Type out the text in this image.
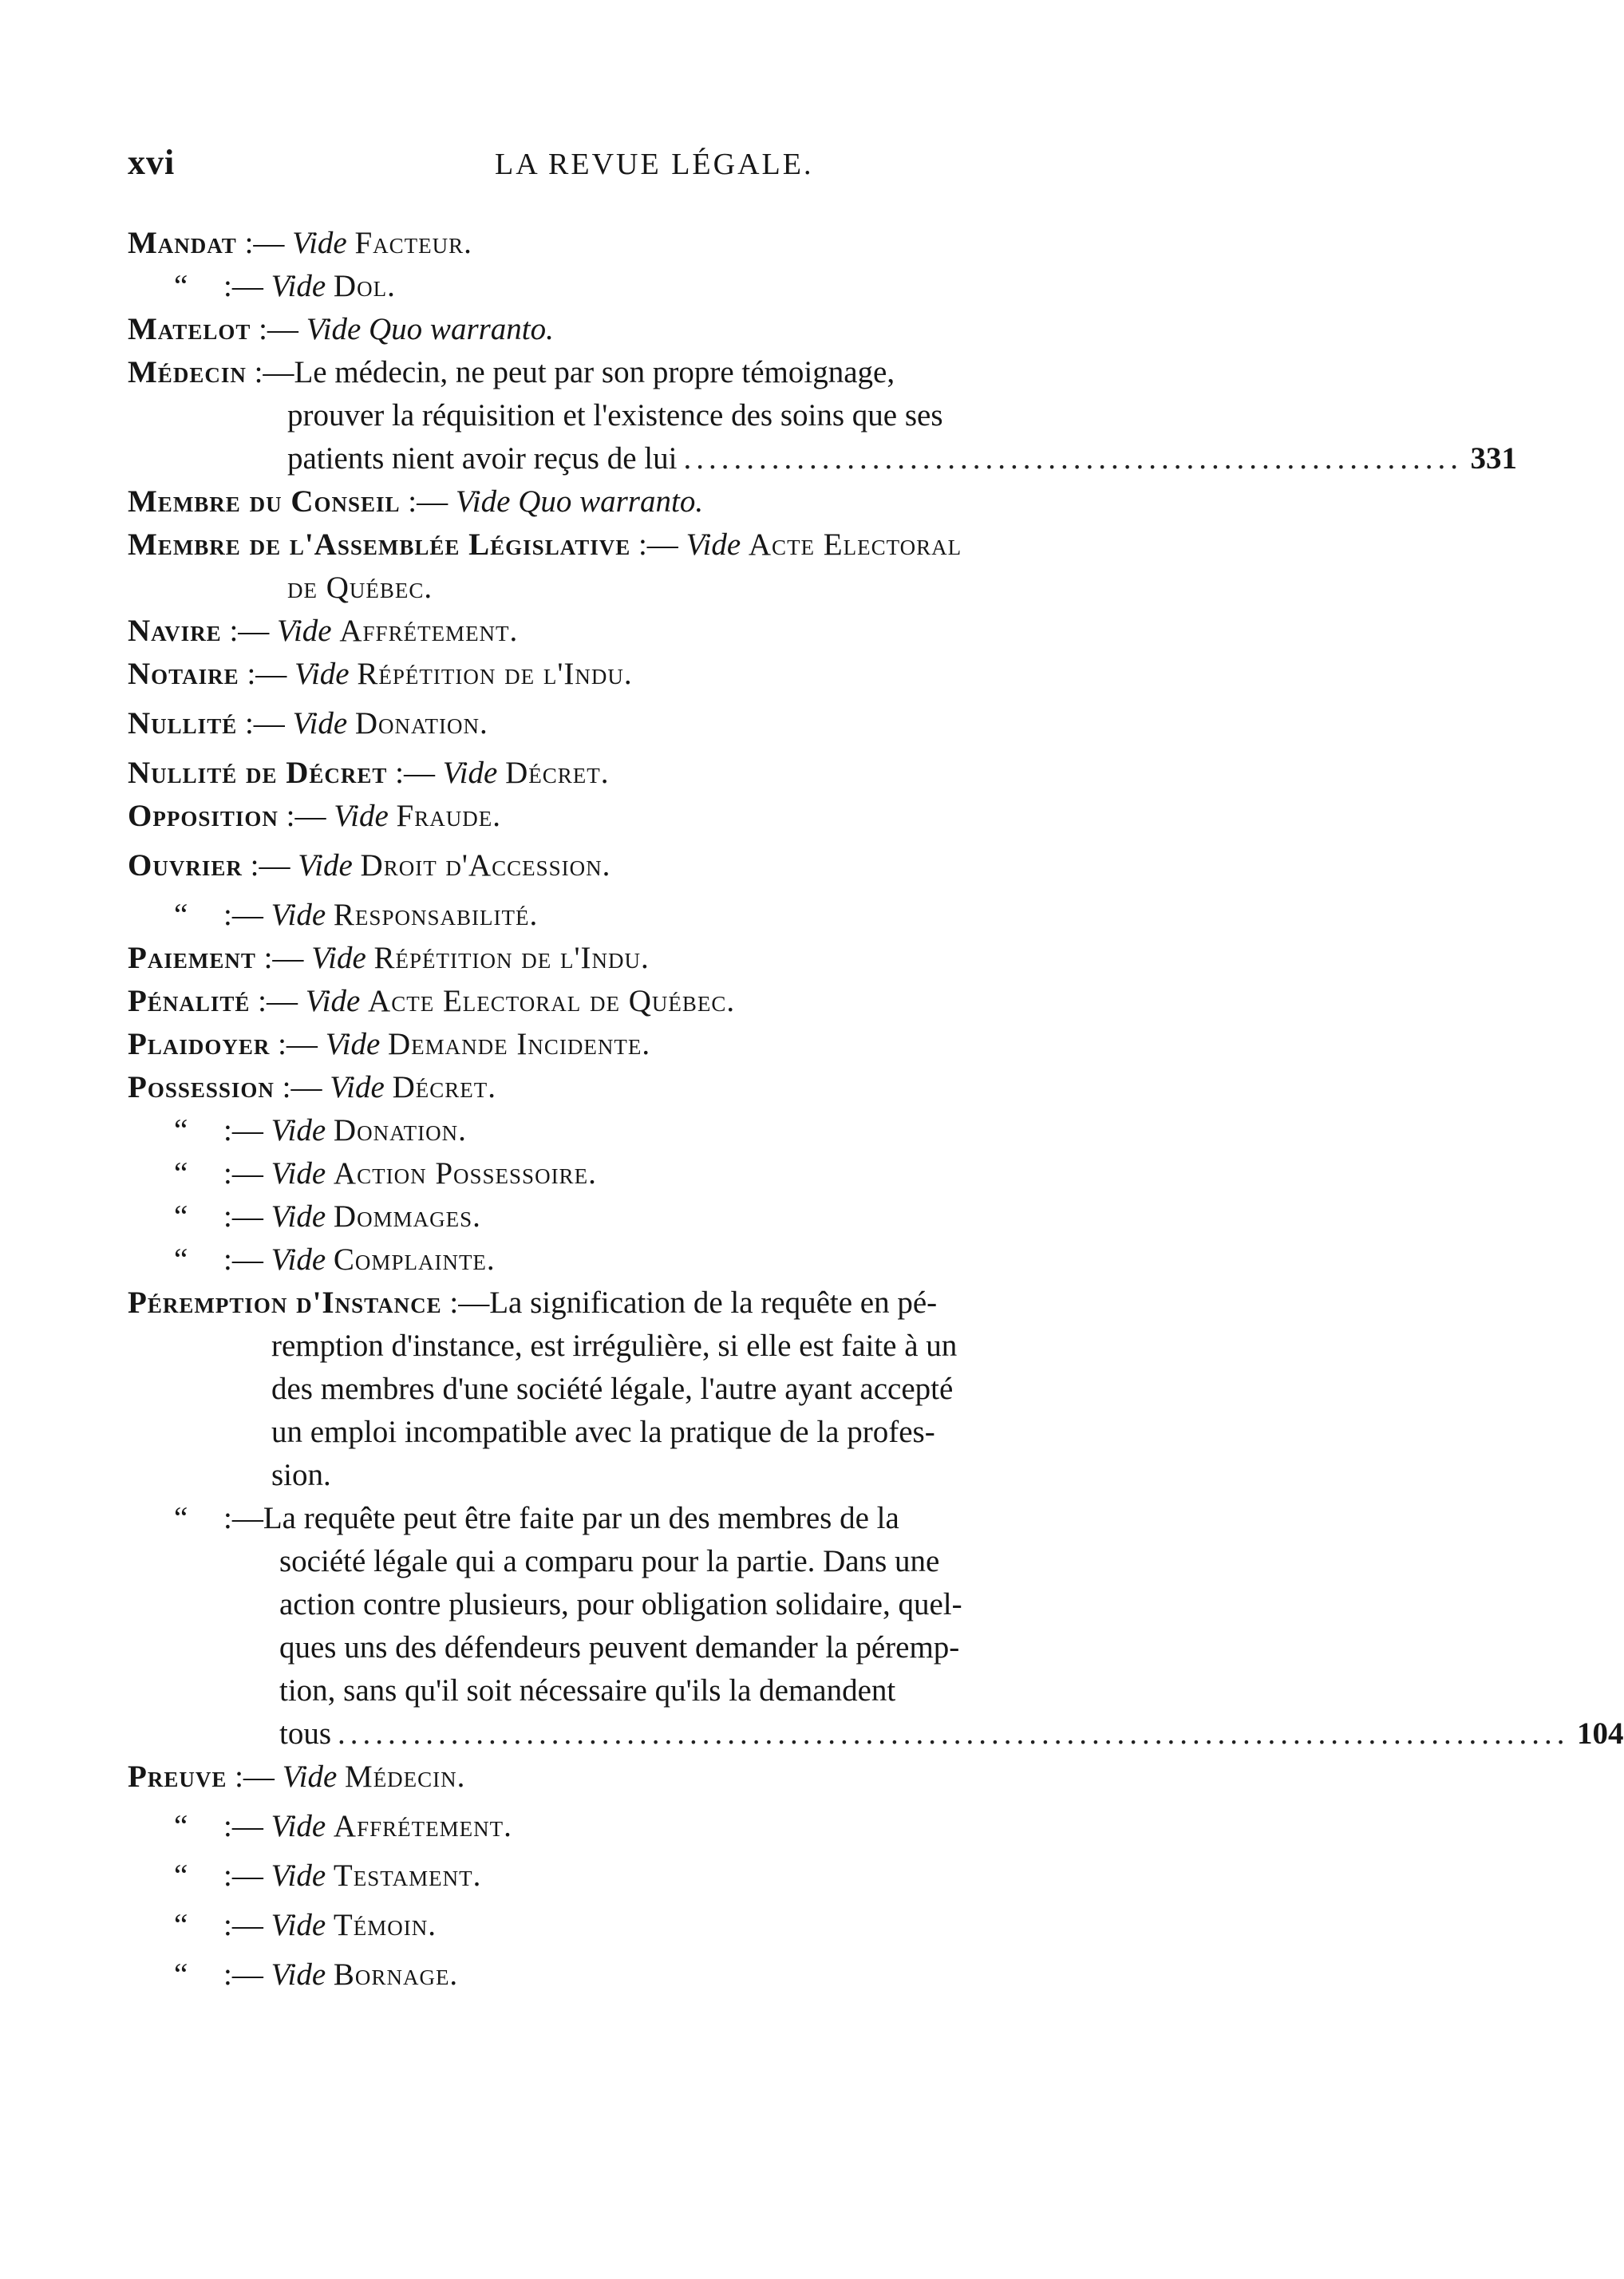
xvi	LA REVUE LÉGALE.
Mandat :— Vide Facteur.
“ :— Vide Dol.
Matelot :— Vide Quo warranto.
Médecin :—Le médecin, ne peut par son propre témoignage,
prouver la réquisition et l'existence des soins que ses
patients nient avoir reçus de lui .............................................................. 331
Membre du Conseil :— Vide Quo warranto.
Membre de l'Assemblée Législative :— Vide Acte Electoral
de Québec.
Navire :— Vide Affrétement.
Notaire :— Vide Répétition de l'Indu.
Nullité :— Vide Donation.
Nullité de Décret :— Vide Décret.
Opposition :— Vide Fraude.
Ouvrier :— Vide Droit d'Accession.
“ :— Vide Responsabilité.
Paiement :— Vide Répétition de l'Indu.
Pénalité :— Vide Acte Electoral de Québec.
Plaidoyer :— Vide Demande Incidente.
Possession :— Vide Décret.
“ :— Vide Donation.
“ :— Vide Action Possessoire.
“ :— Vide Dommages.
“ :— Vide Complainte.
Péremption d'Instance :—La signification de la requête en pé-
remption d'instance, est irrégulière, si elle est faite à un
des membres d'une société légale, l'autre ayant accepté
un emploi incompatible avec la pratique de la profes-
sion.
“ :—La requête peut être faite par un des membres de la
société légale qui a comparu pour la partie. Dans une
action contre plusieurs, pour obligation solidaire, quel-
ques uns des défendeurs peuvent demander la péremp-
tion, sans qu'il soit nécessaire qu'ils la demandent
tous .................................................................................................. 104
Preuve :— Vide Médecin.
“ :— Vide Affrétement.
“ :— Vide Testament.
“ :— Vide Témoin.
“ :— Vide Bornage.
